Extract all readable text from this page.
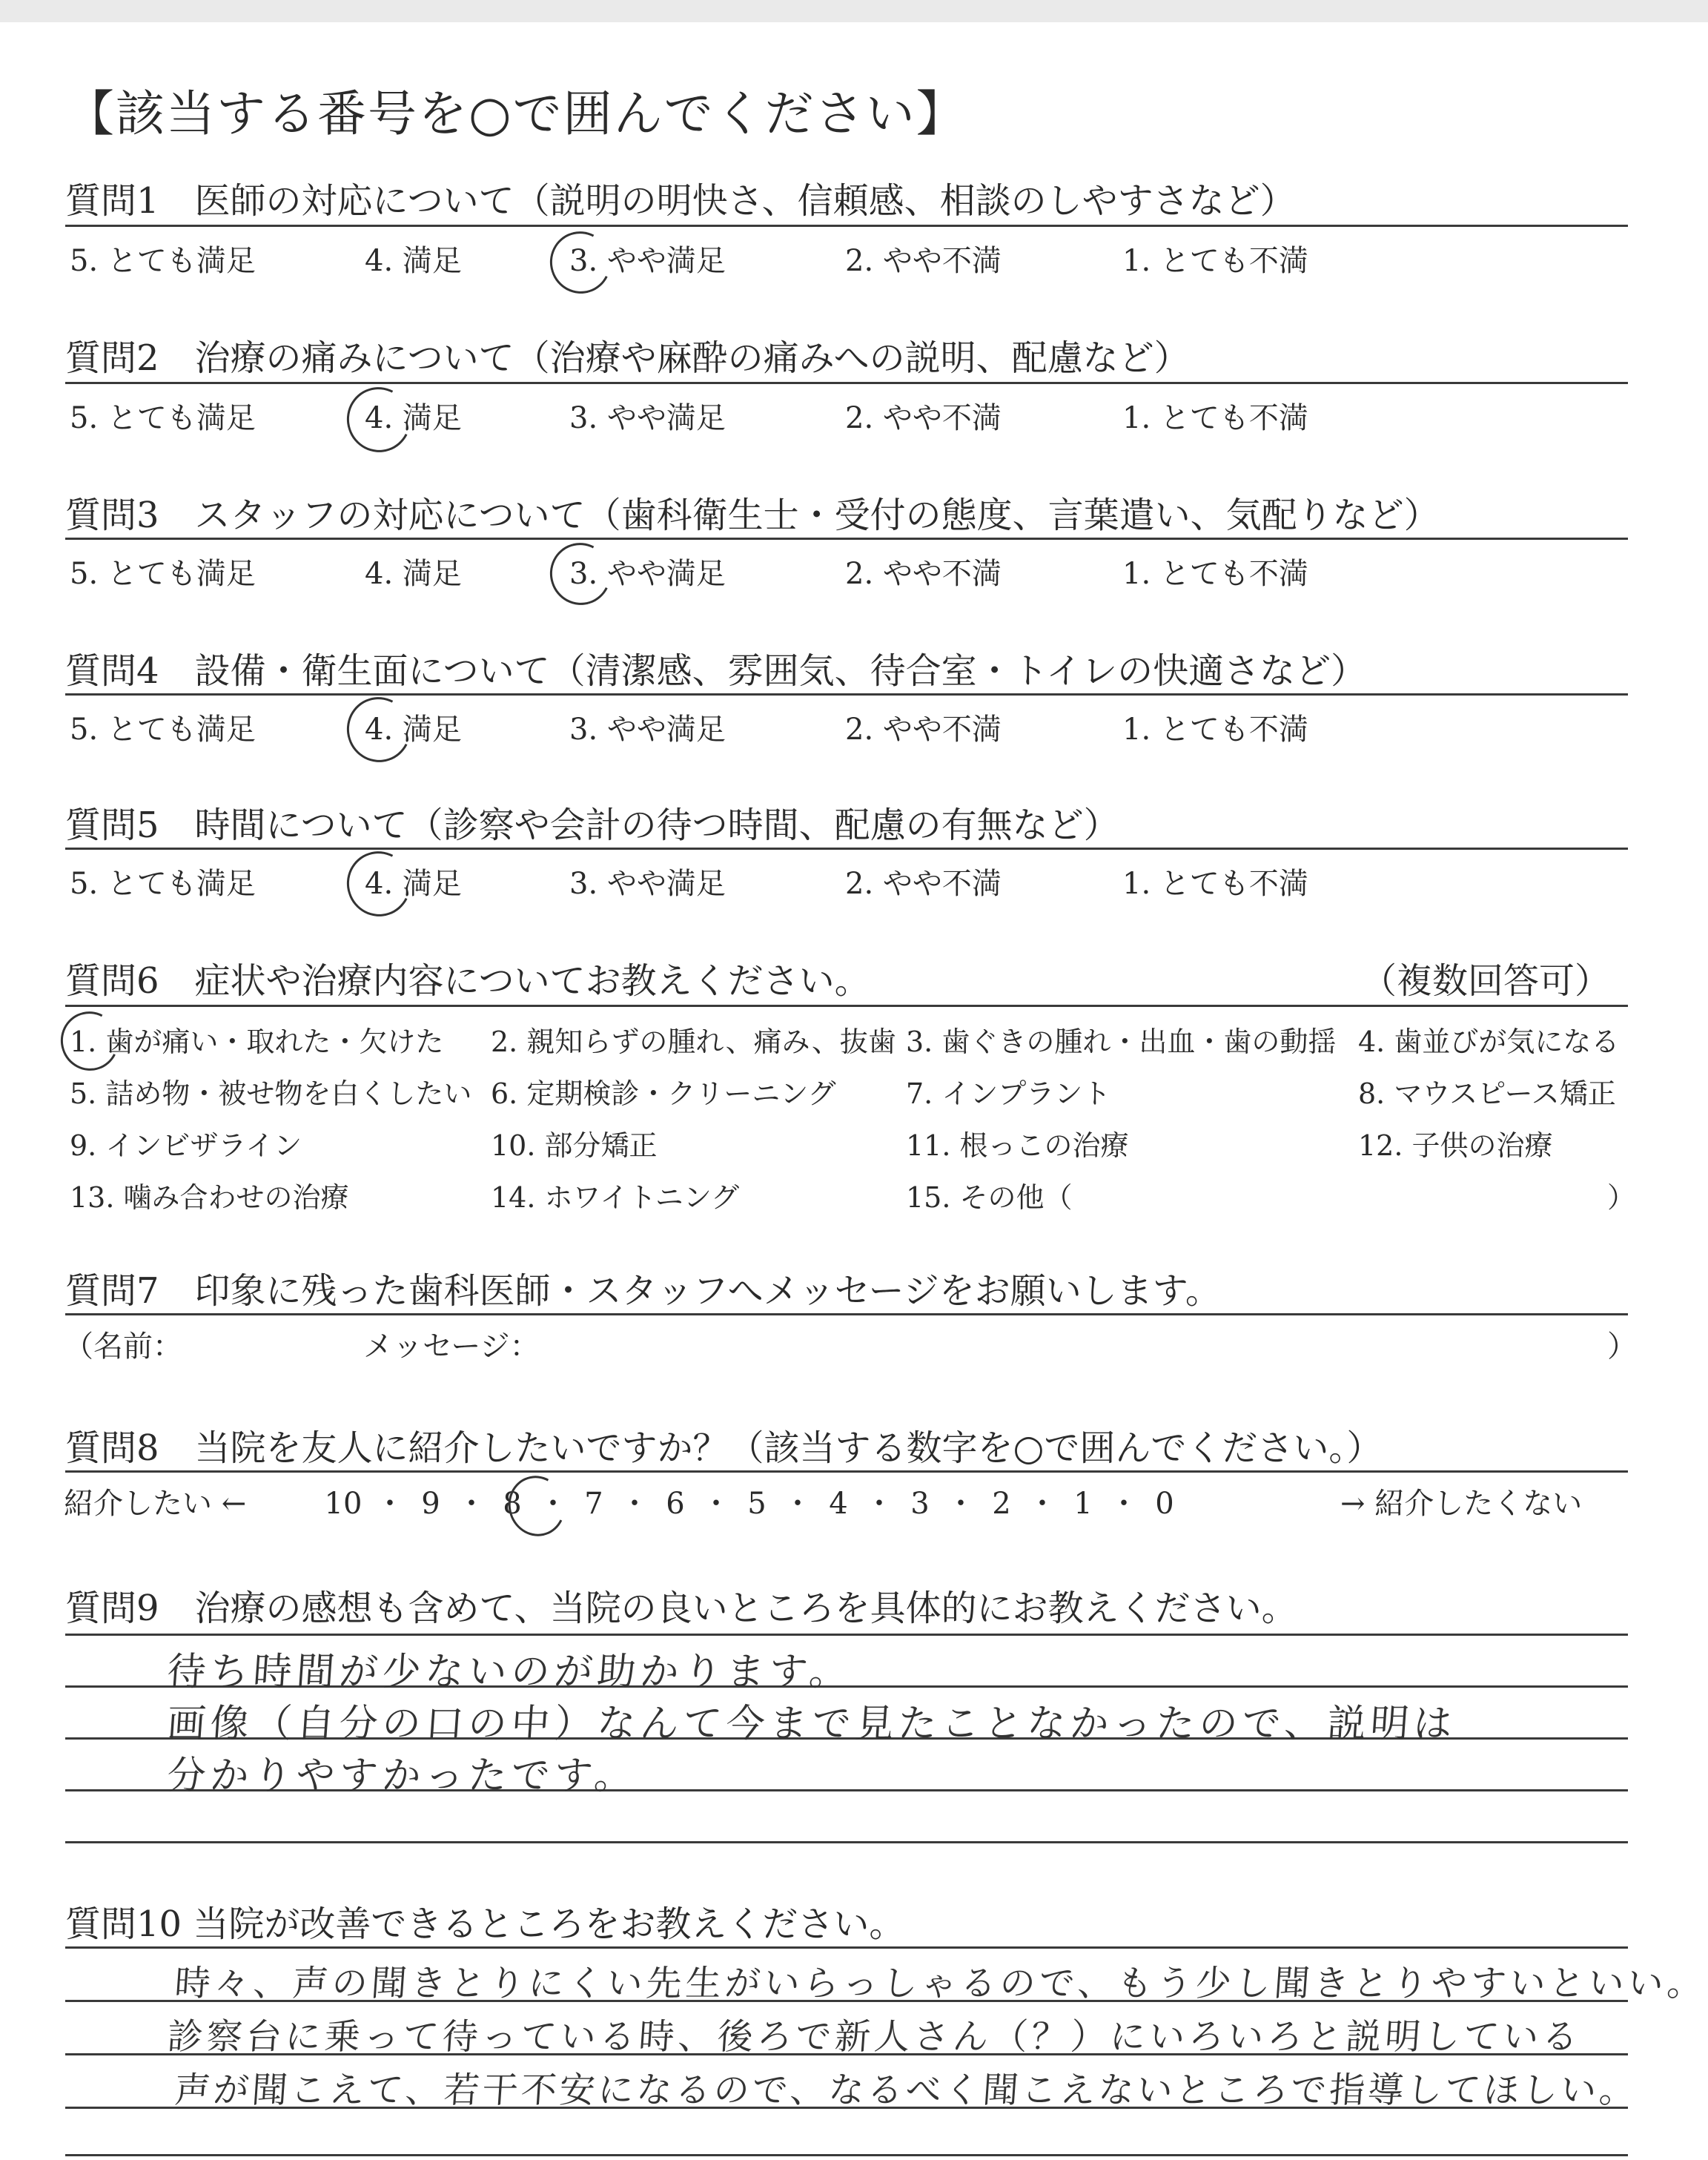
【該当する番号を○で囲んでください】
質問1　医師の対応について（説明の明快さ、信頼感、相談のしやすさなど）
5. とても満足	4. 満足	3. やや満足	2. やや不満	1. とても不満
質問2　治療の痛みについて（治療や麻酔の痛みへの説明、配慮など）
5. とても満足	4. 満足	3. やや満足	2. やや不満	1. とても不満
質問3　スタッフの対応について（歯科衛生士・受付の態度、言葉遣い、気配りなど）
5. とても満足	4. 満足	3. やや満足	2. やや不満	1. とても不満
質問4　設備・衛生面について（清潔感、雰囲気、待合室・トイレの快適さなど）
5. とても満足	4. 満足	3. やや満足	2. やや不満	1. とても不満
質問5　時間について（診察や会計の待つ時間、配慮の有無など）
5. とても満足	4. 満足	3. やや満足	2. やや不満	1. とても不満
質問6　症状や治療内容についてお教えください。	（複数回答可）
1. 歯が痛い・取れた・欠けた 2. 親知らずの腫れ、痛み、抜歯 3. 歯ぐきの腫れ・出血・歯の動揺 4. 歯並びが気になる
5. 詰め物・被せ物を白くしたい 6. 定期検診・クリーニング 7. インプラント	8. マウスピース矯正
9. インビザライン	10. 部分矯正	11. 根っこの治療	12. 子供の治療
13. 噛み合わせの治療	14. ホワイトニング	15. その他（	）
質問7　印象に残った歯科医師・スタッフへメッセージをお願いします。
（名前：	メッセージ：	）
質問8　当院を友人に紹介したいですか？（該当する数字を○で囲んでください。）
紹介したい ←	10 ・ 9 ・ 8 ・ 7 ・ 6 ・ 5 ・ 4 ・ 3 ・ 2 ・ 1 ・ 0	→ 紹介したくない
質問9　治療の感想も含めて、当院の良いところを具体的にお教えください。
待ち時間が少ないのが助かります。
画像（自分の口の中）なんて今まで見たことなかったので、説明は
分かりやすかったです。
質問10 当院が改善できるところをお教えください。
時々、声の聞きとりにくい先生がいらっしゃるので、もう少し聞きとりやすいといい。
診察台に乗って待っている時、後ろで新人さん（？）にいろいろと説明している
声が聞こえて、若干不安になるので、なるべく聞こえないところで指導してほしい。
